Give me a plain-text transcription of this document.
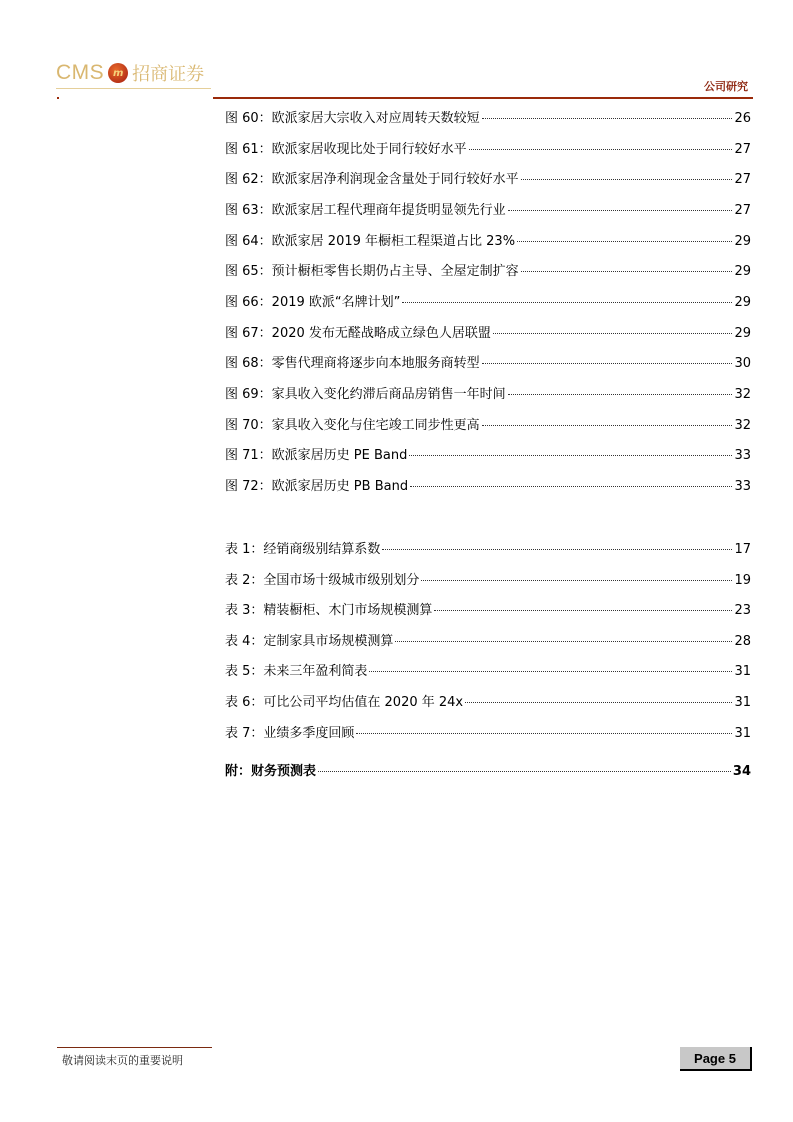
CMS m 招商证券
公司研究
图 60：欧派家居大宗收入对应周转天数较短	26
图 61：欧派家居收现比处于同行较好水平	27
图 62：欧派家居净利润现金含量处于同行较好水平	27
图 63：欧派家居工程代理商年提货明显领先行业	27
图 64：欧派家居 2019 年橱柜工程渠道占比 23%	29
图 65：预计橱柜零售长期仍占主导、全屋定制扩容	29
图 66：2019 欧派“名牌计划”	29
图 67：2020 发布无醛战略成立绿色人居联盟	29
图 68：零售代理商将逐步向本地服务商转型	30
图 69：家具收入变化约滞后商品房销售一年时间	32
图 70：家具收入变化与住宅竣工同步性更高	32
图 71：欧派家居历史 PE Band	33
图 72：欧派家居历史 PB Band	33
表 1：经销商级别结算系数	17
表 2：全国市场十级城市级别划分	19
表 3：精装橱柜、木门市场规模测算	23
表 4：定制家具市场规模测算	28
表 5：未来三年盈利简表	31
表 6：可比公司平均估值在 2020 年 24x	31
表 7：业绩多季度回顾	31
附：财务预测表	34
敬请阅读末页的重要说明	Page 5
